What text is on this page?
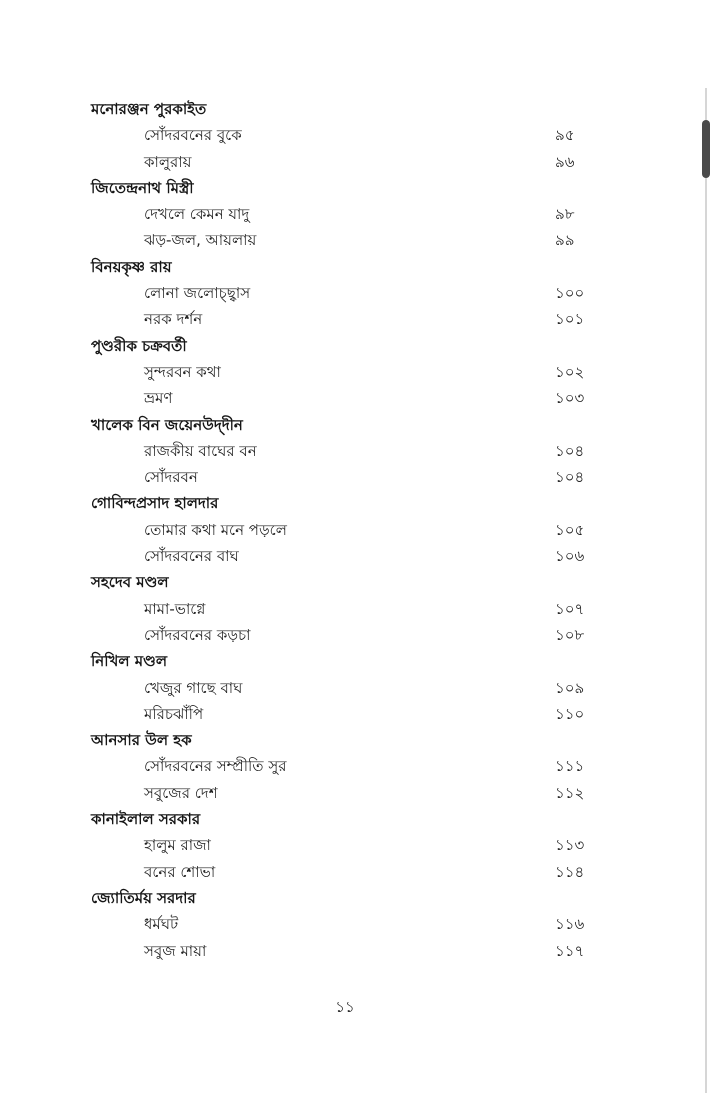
মনোরঞ্জন পুরকাইত
সোঁদরবনের বুকে	৯৫
কালুরায়	৯৬
জিতেন্দ্রনাথ মিস্ত্রী
দেখলে কেমন যাদু	৯৮
ঝড়-জল, আয়লায়	৯৯
বিনয়কৃষ্ণ রায়
লোনা জলোচ্ছ্বাস	১০০
নরক দর্শন	১০১
পুণ্ডরীক চক্রবর্তী
সুন্দরবন কথা	১০২
ভ্রমণ	১০৩
খালেক বিন জয়েনউদ্‌দীন
রাজকীয় বাঘের বন	১০৪
সোঁদরবন	১০৪
গোবিন্দপ্রসাদ হালদার
তোমার কথা মনে পড়লে	১০৫
সোঁদরবনের বাঘ	১০৬
সহদেব মণ্ডল
মামা-ভাগ্নে	১০৭
সোঁদরবনের কড়চা	১০৮
নিখিল মণ্ডল
খেজুর গাছে বাঘ	১০৯
মরিচঝাঁপি	১১০
আনসার উল হক
সোঁদরবনের সম্প্রীতি সুর	১১১
সবুজের দেশ	১১২
কানাইলাল সরকার
হালুম রাজা	১১৩
বনের শোভা	১১৪
জ্যোতির্ময় সরদার
ধর্মঘট	১১৬
সবুজ মায়া	১১৭
১১
